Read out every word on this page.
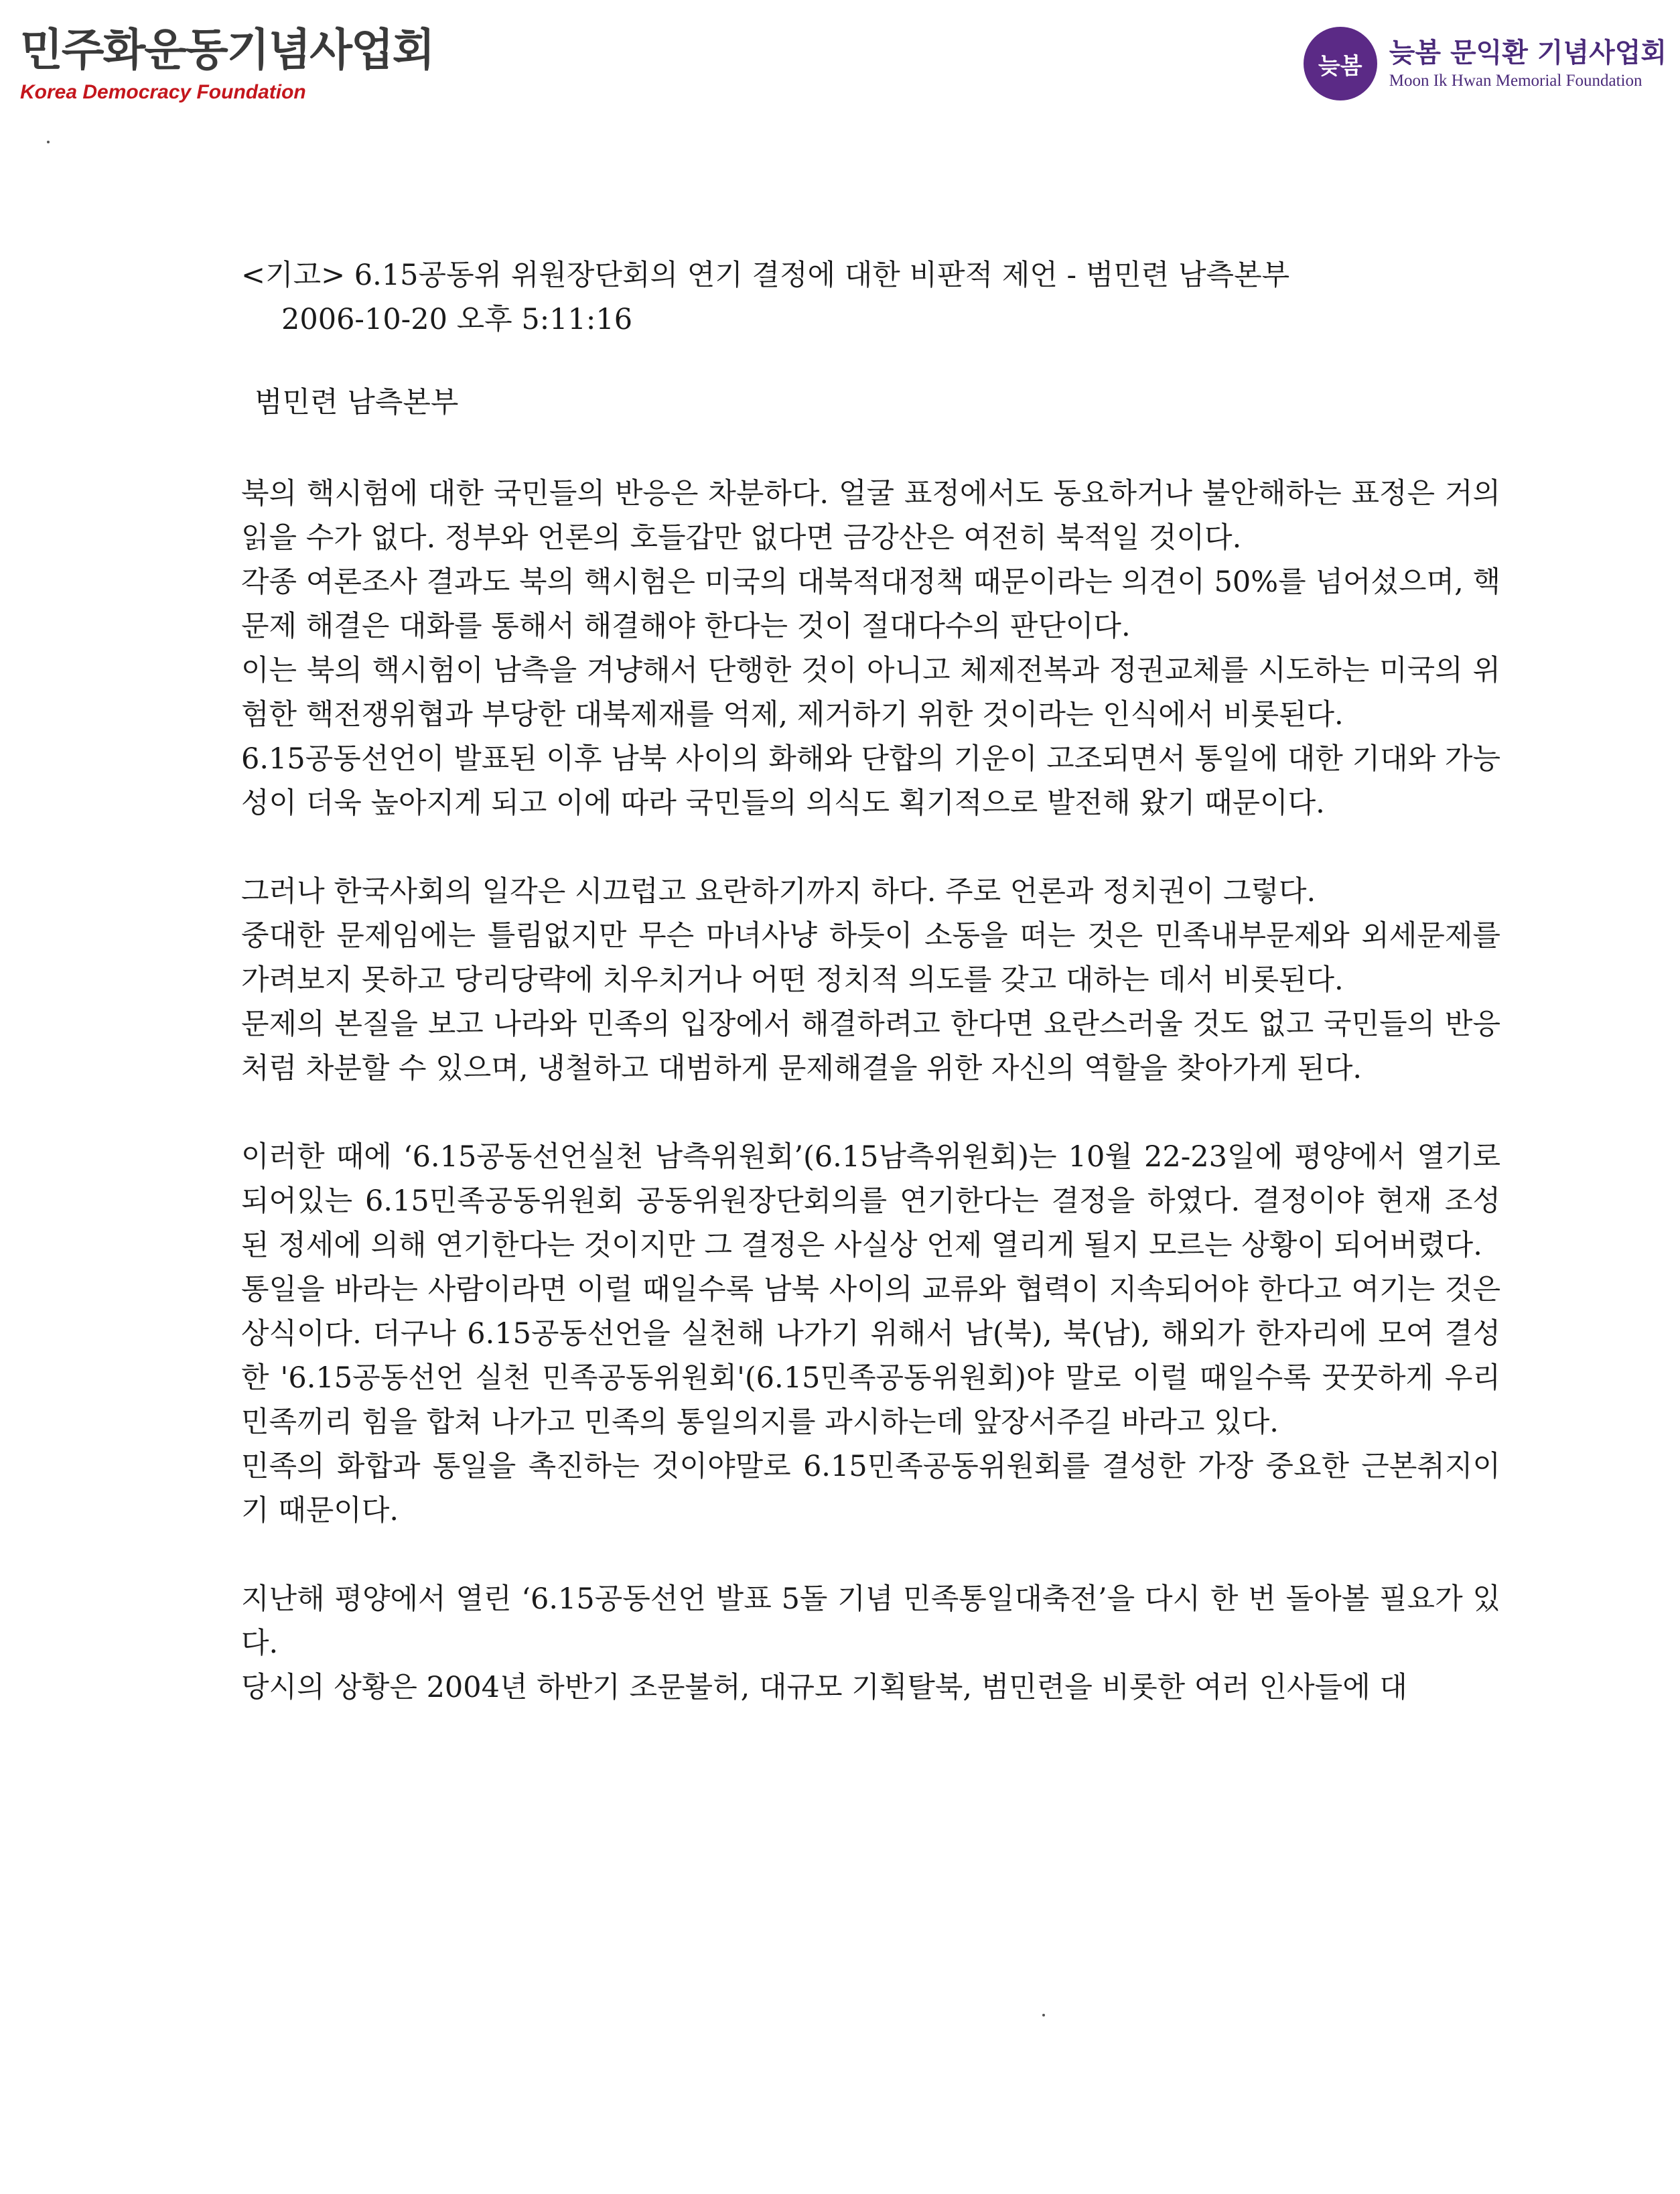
민주화운동기념사업회
Korea Democracy Foundation
늦봄	늦봄 문익환 기념사업회
Moon Ik Hwan Memorial Foundation

<기고> 6.15공동위 위원장단회의 연기 결정에 대한 비판적 제언 - 범민련 남측본부

2006-10-20 오후 5:11:16

범민련 남측본부

북의 핵시험에 대한 국민들의 반응은 차분하다. 얼굴 표정에서도 동요하거나 불안해하는 표정은 거의 읽을 수가 없다. 정부와 언론의 호들갑만 없다면 금강산은 여전히 북적일 것이다.

각종 여론조사 결과도 북의 핵시험은 미국의 대북적대정책 때문이라는 의견이 50%를 넘어섰으며, 핵문제 해결은 대화를 통해서 해결해야 한다는 것이 절대다수의 판단이다.

이는 북의 핵시험이 남측을 겨냥해서 단행한 것이 아니고 체제전복과 정권교체를 시도하는 미국의 위험한 핵전쟁위협과 부당한 대북제재를 억제, 제거하기 위한 것이라는 인식에서 비롯된다.

6.15공동선언이 발표된 이후 남북 사이의 화해와 단합의 기운이 고조되면서 통일에 대한 기대와 가능성이 더욱 높아지게 되고 이에 따라 국민들의 의식도 획기적으로 발전해 왔기 때문이다.

그러나 한국사회의 일각은 시끄럽고 요란하기까지 하다. 주로 언론과 정치권이 그렇다.

중대한 문제임에는 틀림없지만 무슨 마녀사냥 하듯이 소동을 떠는 것은 민족내부문제와 외세문제를 가려보지 못하고 당리당략에 치우치거나 어떤 정치적 의도를 갖고 대하는 데서 비롯된다.

문제의 본질을 보고 나라와 민족의 입장에서 해결하려고 한다면 요란스러울 것도 없고 국민들의 반응처럼 차분할 수 있으며, 냉철하고 대범하게 문제해결을 위한 자신의 역할을 찾아가게 된다.

이러한 때에 ‘6.15공동선언실천 남측위원회’(6.15남측위원회)는 10월 22-23일에 평양에서 열기로 되어있는 6.15민족공동위원회 공동위원장단회의를 연기한다는 결정을 하였다. 결정이야 현재 조성된 정세에 의해 연기한다는 것이지만 그 결정은 사실상 언제 열리게 될지 모르는 상황이 되어버렸다.

통일을 바라는 사람이라면 이럴 때일수록 남북 사이의 교류와 협력이 지속되어야 한다고 여기는 것은 상식이다. 더구나 6.15공동선언을 실천해 나가기 위해서 남(북), 북(남), 해외가 한자리에 모여 결성한 '6.15공동선언 실천 민족공동위원회'(6.15민족공동위원회)야 말로 이럴 때일수록 꿋꿋하게 우리민족끼리 힘을 합쳐 나가고 민족의 통일의지를 과시하는데 앞장서주길 바라고 있다.

민족의 화합과 통일을 촉진하는 것이야말로 6.15민족공동위원회를 결성한 가장 중요한 근본취지이기 때문이다.

지난해 평양에서 열린 ‘6.15공동선언 발표 5돌 기념 민족통일대축전’을 다시 한 번 돌아볼 필요가 있다.

당시의 상황은 2004년 하반기 조문불허, 대규모 기획탈북, 범민련을 비롯한 여러 인사들에 대
